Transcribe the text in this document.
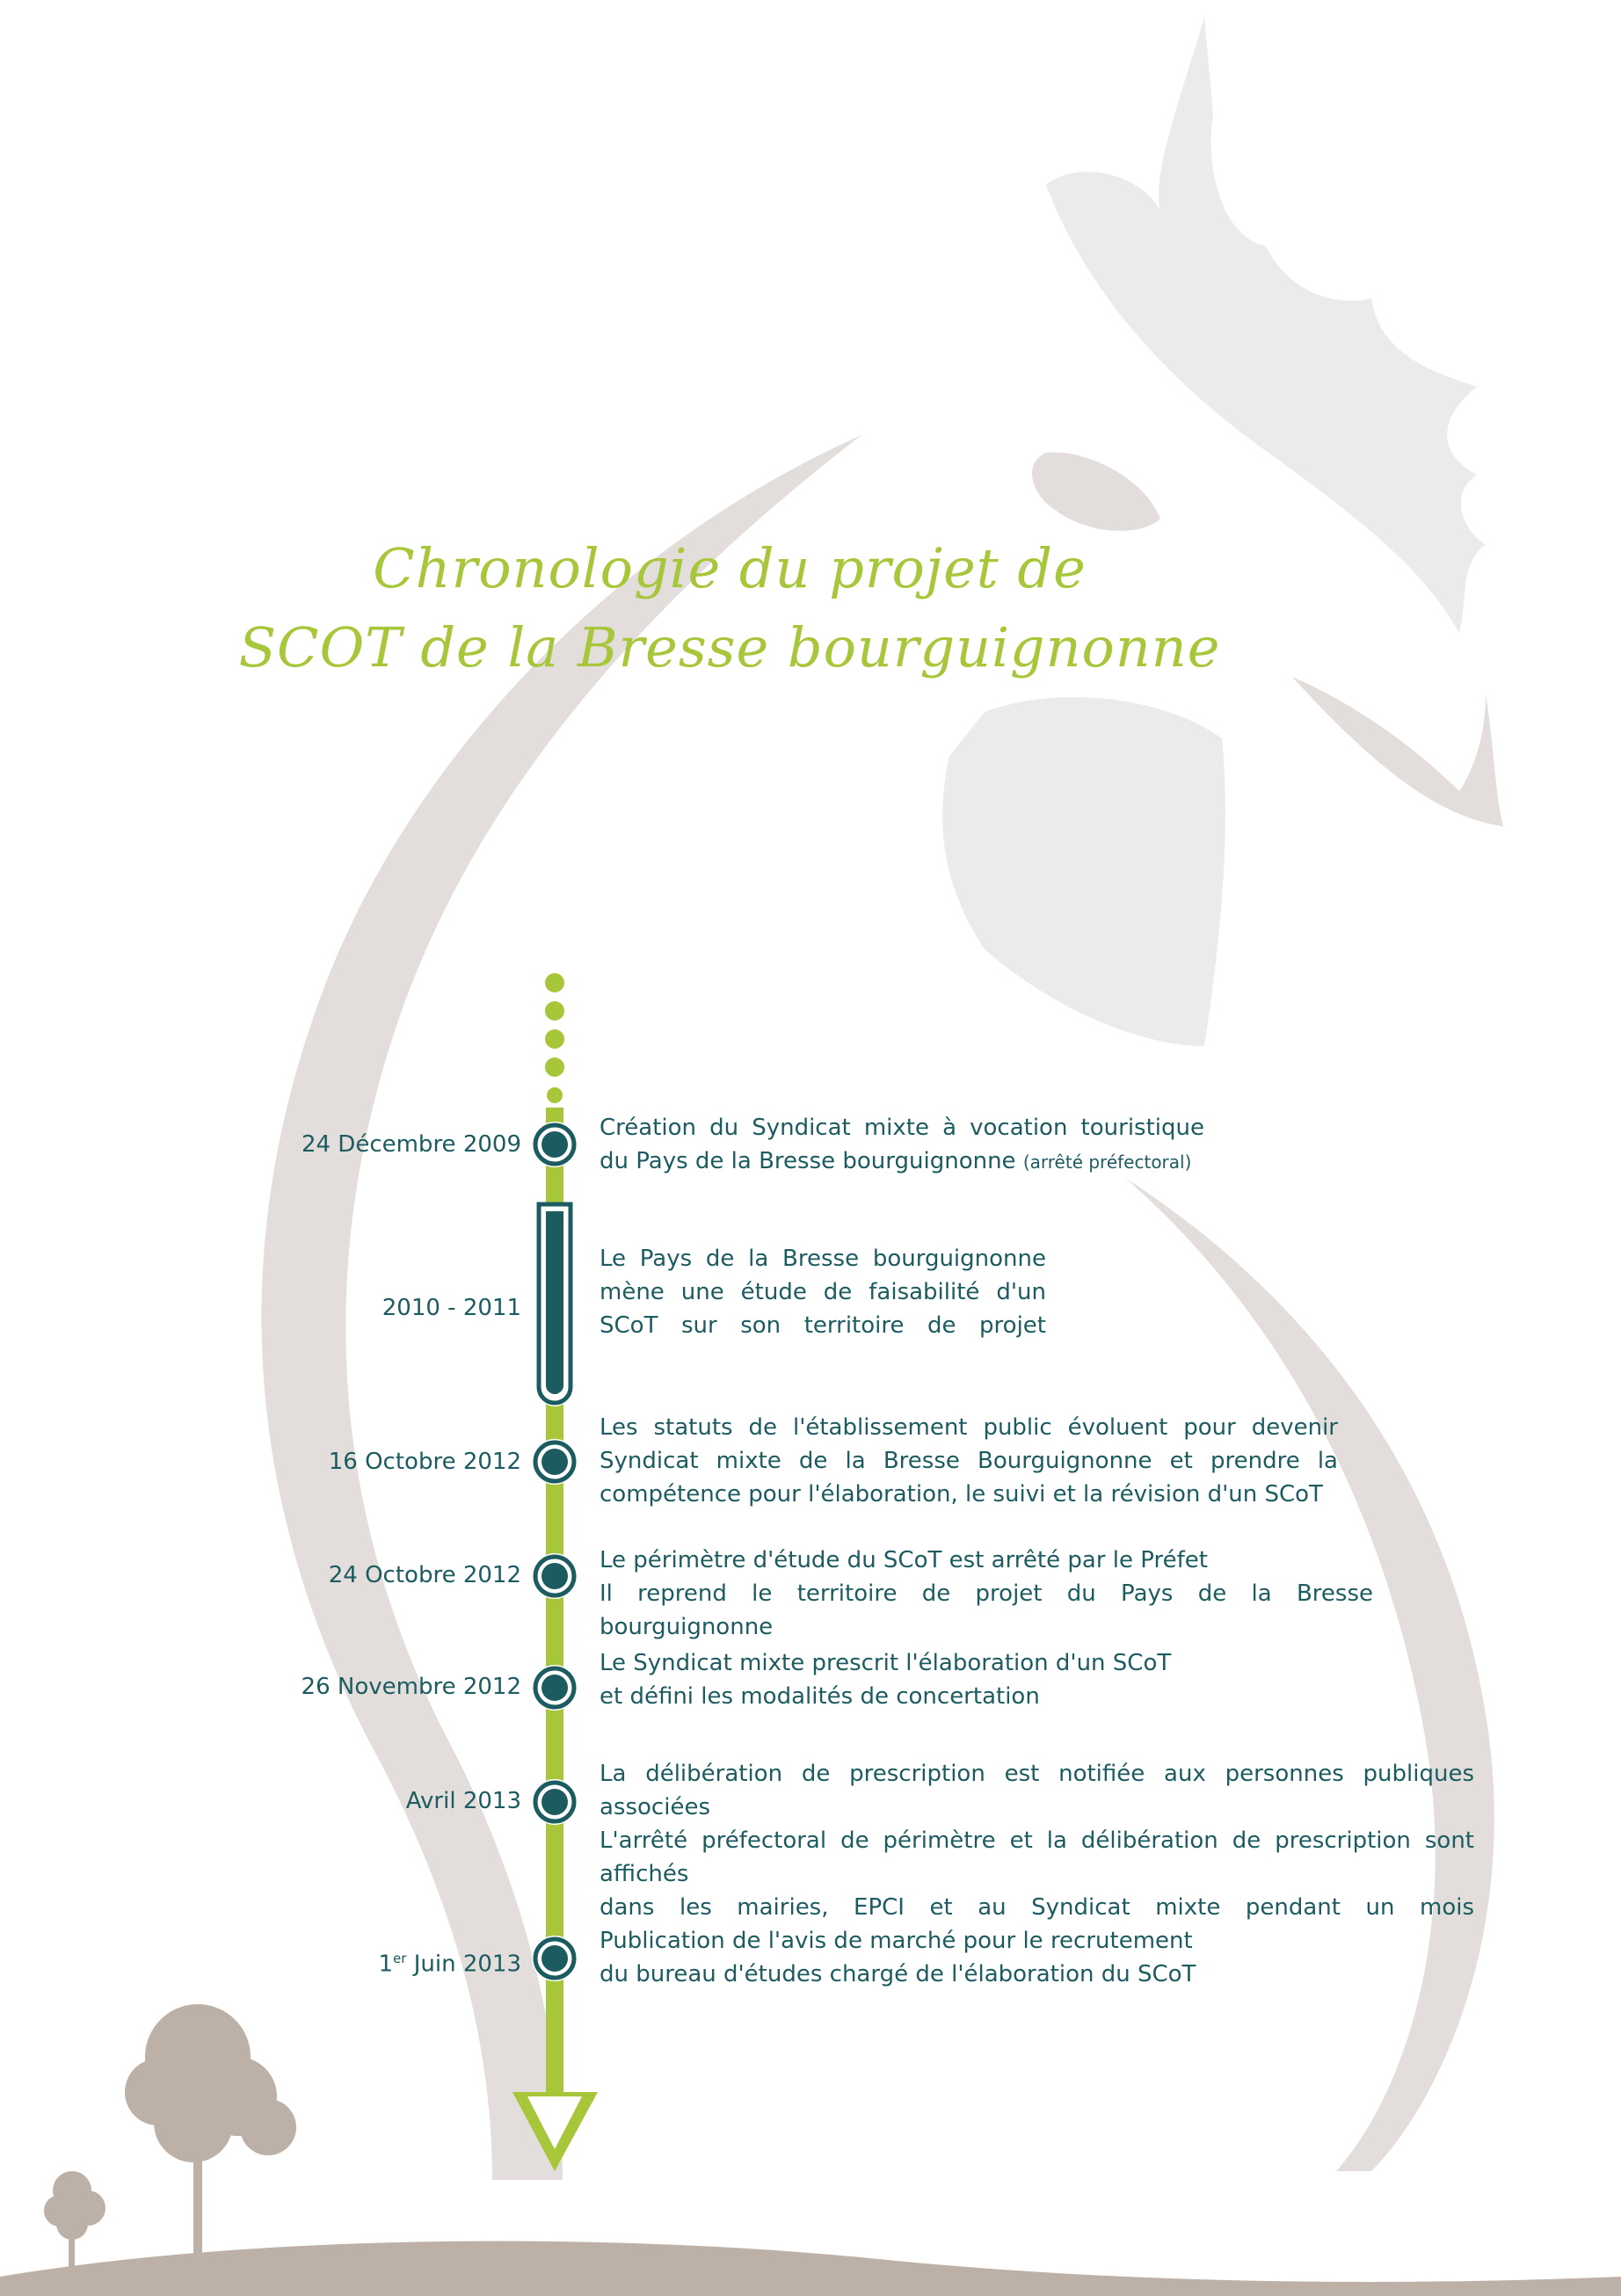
Chronologie du projet de
SCOT de la Bresse bourguignonne
24 Décembre 2009
Création du Syndicat mixte à vocation touristique
du Pays de la Bresse bourguignonne (arrêté préfectoral)
2010 - 2011
Le Pays de la Bresse bourguignonne
mène une étude de faisabilité d'un
SCoT sur son territoire de projet
16 Octobre 2012
Les statuts de l'établissement public évoluent pour devenir
Syndicat mixte de la Bresse Bourguignonne et prendre la
compétence pour l'élaboration, le suivi et la révision d'un SCoT
24 Octobre 2012
Le périmètre d'étude du SCoT est arrêté par le Préfet
Il reprend le territoire de projet du Pays de la Bresse bourguignonne
26 Novembre 2012
Le Syndicat mixte prescrit l'élaboration d'un SCoT
et défini les modalités de concertation
Avril 2013
La délibération de prescription est notifiée aux personnes publiques associées
L'arrêté préfectoral de périmètre et la délibération de prescription sont affichés
dans les mairies, EPCI et au Syndicat mixte pendant un mois
1er Juin 2013
Publication de l'avis de marché pour le recrutement
du bureau d'études chargé de l'élaboration du SCoT
